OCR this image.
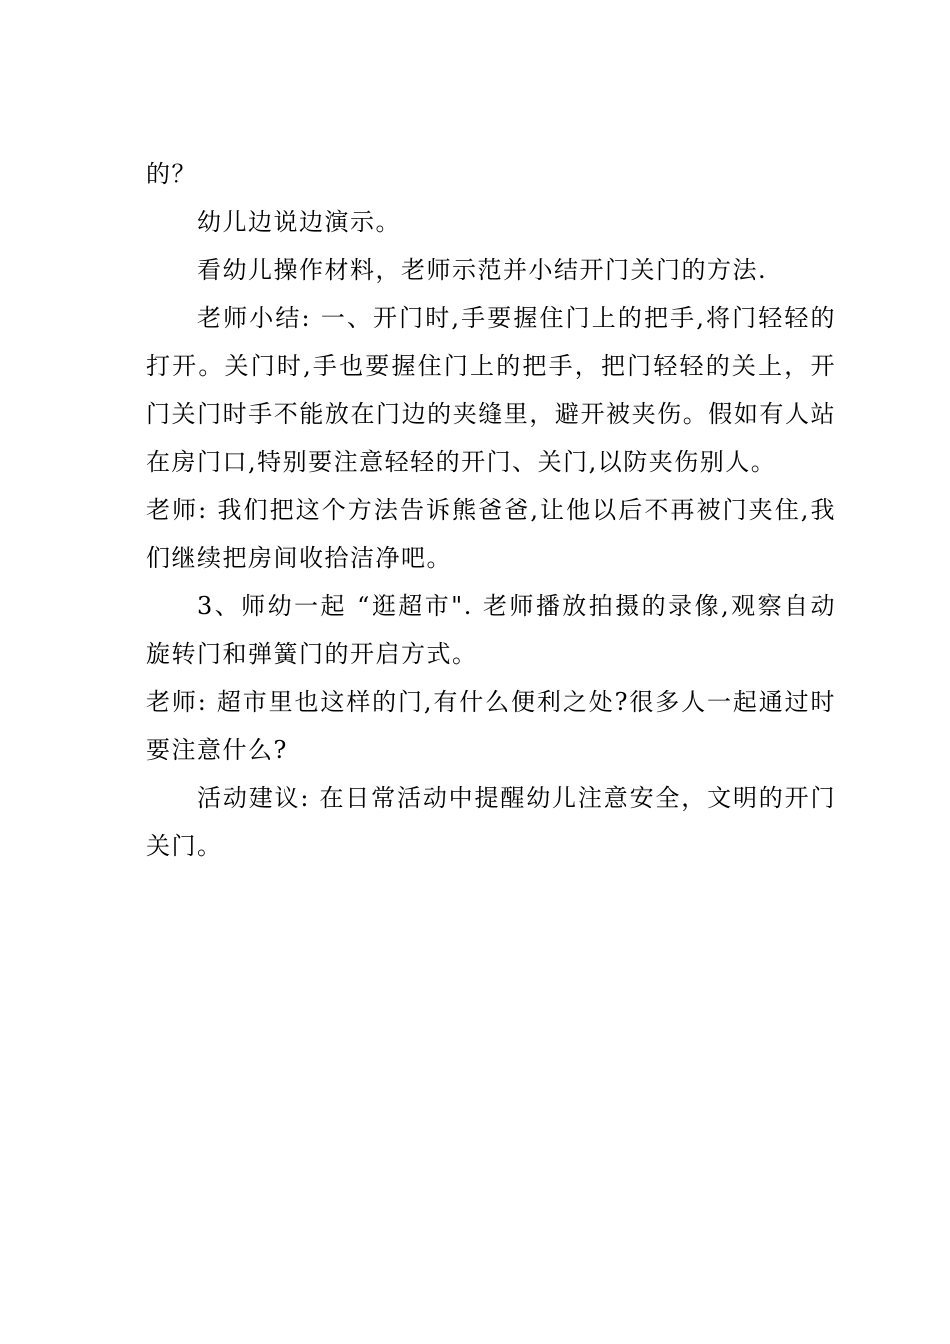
的？

幼儿边说边演示。

看幼儿操作材料，老师示范并小结开门关门的方法.

老师小结: 一、开门时,手要握住门上的把手,将门轻轻的打开。关门时,手也要握住门上的把手，把门轻轻的关上，开门关门时手不能放在门边的夹缝里，避开被夹伤。假如有人站在房门口,特别要注意轻轻的开门、关门,以防夹伤别人。

老师: 我们把这个方法告诉熊爸爸,让他以后不再被门夹住,我们继续把房间收拾洁净吧。

3、师幼一起 “逛超市". 老师播放拍摄的录像,观察自动旋转门和弹簧门的开启方式。

老师: 超市里也这样的门,有什么便利之处?很多人一起通过时要注意什么?

活动建议: 在日常活动中提醒幼儿注意安全，文明的开门关门。
